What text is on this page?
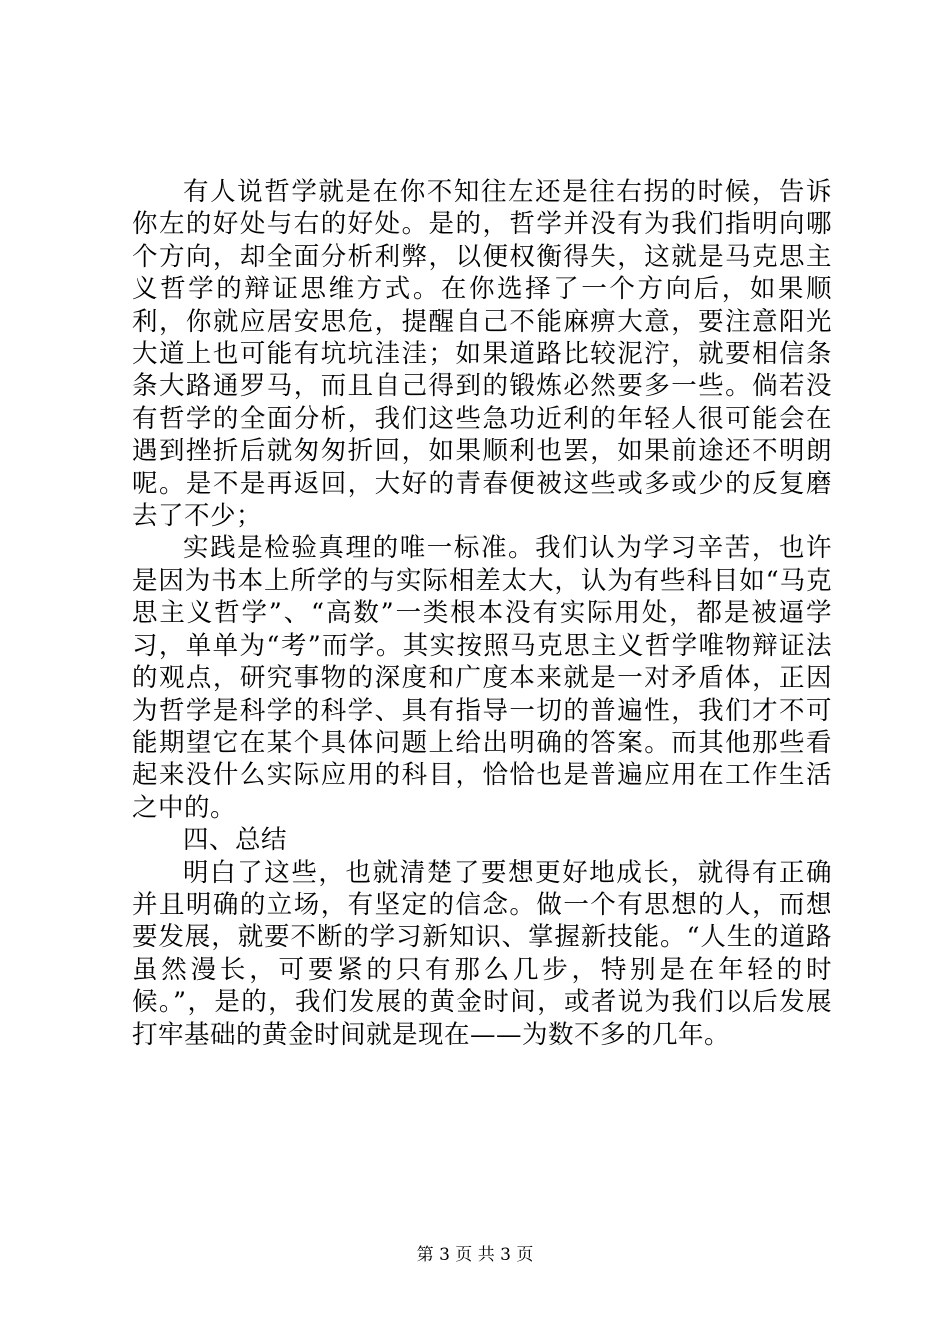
有人说哲学就是在你不知往左还是往右拐的时候，告诉你左的好处与右的好处。是的，哲学并没有为我们指明向哪个方向，却全面分析利弊，以便权衡得失，这就是马克思主义哲学的辩证思维方式。在你选择了一个方向后，如果顺利，你就应居安思危，提醒自己不能麻痹大意，要注意阳光大道上也可能有坑坑洼洼；如果道路比较泥泞，就要相信条条大路通罗马，而且自己得到的锻炼必然要多一些。倘若没有哲学的全面分析，我们这些急功近利的年轻人很可能会在遇到挫折后就匆匆折回，如果顺利也罢，如果前途还不明朗呢。是不是再返回，大好的青春便被这些或多或少的反复磨去了不少；

实践是检验真理的唯一标准。我们认为学习辛苦，也许是因为书本上所学的与实际相差太大，认为有些科目如“马克思主义哲学”、“高数”一类根本没有实际用处，都是被逼学习，单单为“考”而学。其实按照马克思主义哲学唯物辩证法的观点，研究事物的深度和广度本来就是一对矛盾体，正因为哲学是科学的科学、具有指导一切的普遍性，我们才不可能期望它在某个具体问题上给出明确的答案。而其他那些看起来没什么实际应用的科目，恰恰也是普遍应用在工作生活之中的。

四、总结

明白了这些，也就清楚了要想更好地成长，就得有正确并且明确的立场，有坚定的信念。做一个有思想的人，而想要发展，就要不断的学习新知识、掌握新技能。“人生的道路虽然漫长，可要紧的只有那么几步，特别是在年轻的时候。”，是的，我们发展的黄金时间，或者说为我们以后发展打牢基础的黄金时间就是现在——为数不多的几年。

第 3 页 共 3 页
